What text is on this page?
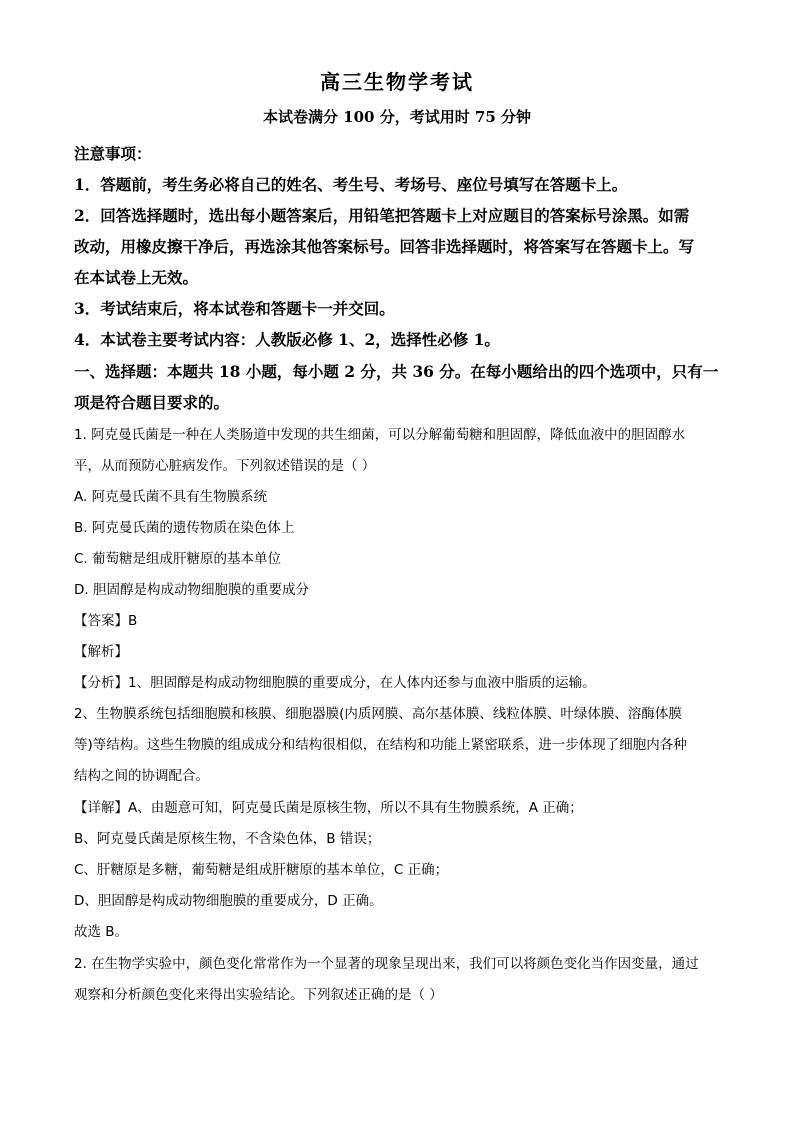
高三生物学考试
本试卷满分 100 分，考试用时 75 分钟
注意事项：
1．答题前，考生务必将自己的姓名、考生号、考场号、座位号填写在答题卡上。
2．回答选择题时，选出每小题答案后，用铅笔把答题卡上对应题目的答案标号涂黑。如需
改动，用橡皮擦干净后，再选涂其他答案标号。回答非选择题时，将答案写在答题卡上。写
在本试卷上无效。
3．考试结束后，将本试卷和答题卡一并交回。
4．本试卷主要考试内容：人教版必修 1、2，选择性必修 1。
一、选择题：本题共 18 小题，每小题 2 分，共 36 分。在每小题给出的四个选项中，只有一
项是符合题目要求的。
1. 阿克曼氏菌是一种在人类肠道中发现的共生细菌，可以分解葡萄糖和胆固醇，降低血液中的胆固醇水
平，从而预防心脏病发作。下列叙述错误的是（ ）
A. 阿克曼氏菌不具有生物膜系统
B. 阿克曼氏菌的遗传物质在染色体上
C. 葡萄糖是组成肝糖原的基本单位
D. 胆固醇是构成动物细胞膜的重要成分
【答案】B
【解析】
【分析】1、胆固醇是构成动物细胞膜的重要成分，在人体内还参与血液中脂质的运输。
2、生物膜系统包括细胞膜和核膜、细胞器膜(内质网膜、高尔基体膜、线粒体膜、叶绿体膜、溶酶体膜
等)等结构。这些生物膜的组成成分和结构很相似，在结构和功能上紧密联系，进一步体现了细胞内各种
结构之间的协调配合。
【详解】A、由题意可知，阿克曼氏菌是原核生物，所以不具有生物膜系统，A 正确；
B、阿克曼氏菌是原核生物，不含染色体，B 错误；
C、肝糖原是多糖，葡萄糖是组成肝糖原的基本单位，C 正确；
D、胆固醇是构成动物细胞膜的重要成分，D 正确。
故选 B。
2. 在生物学实验中，颜色变化常常作为一个显著的现象呈现出来，我们可以将颜色变化当作因变量，通过
观察和分析颜色变化来得出实验结论。下列叙述正确的是（ ）
